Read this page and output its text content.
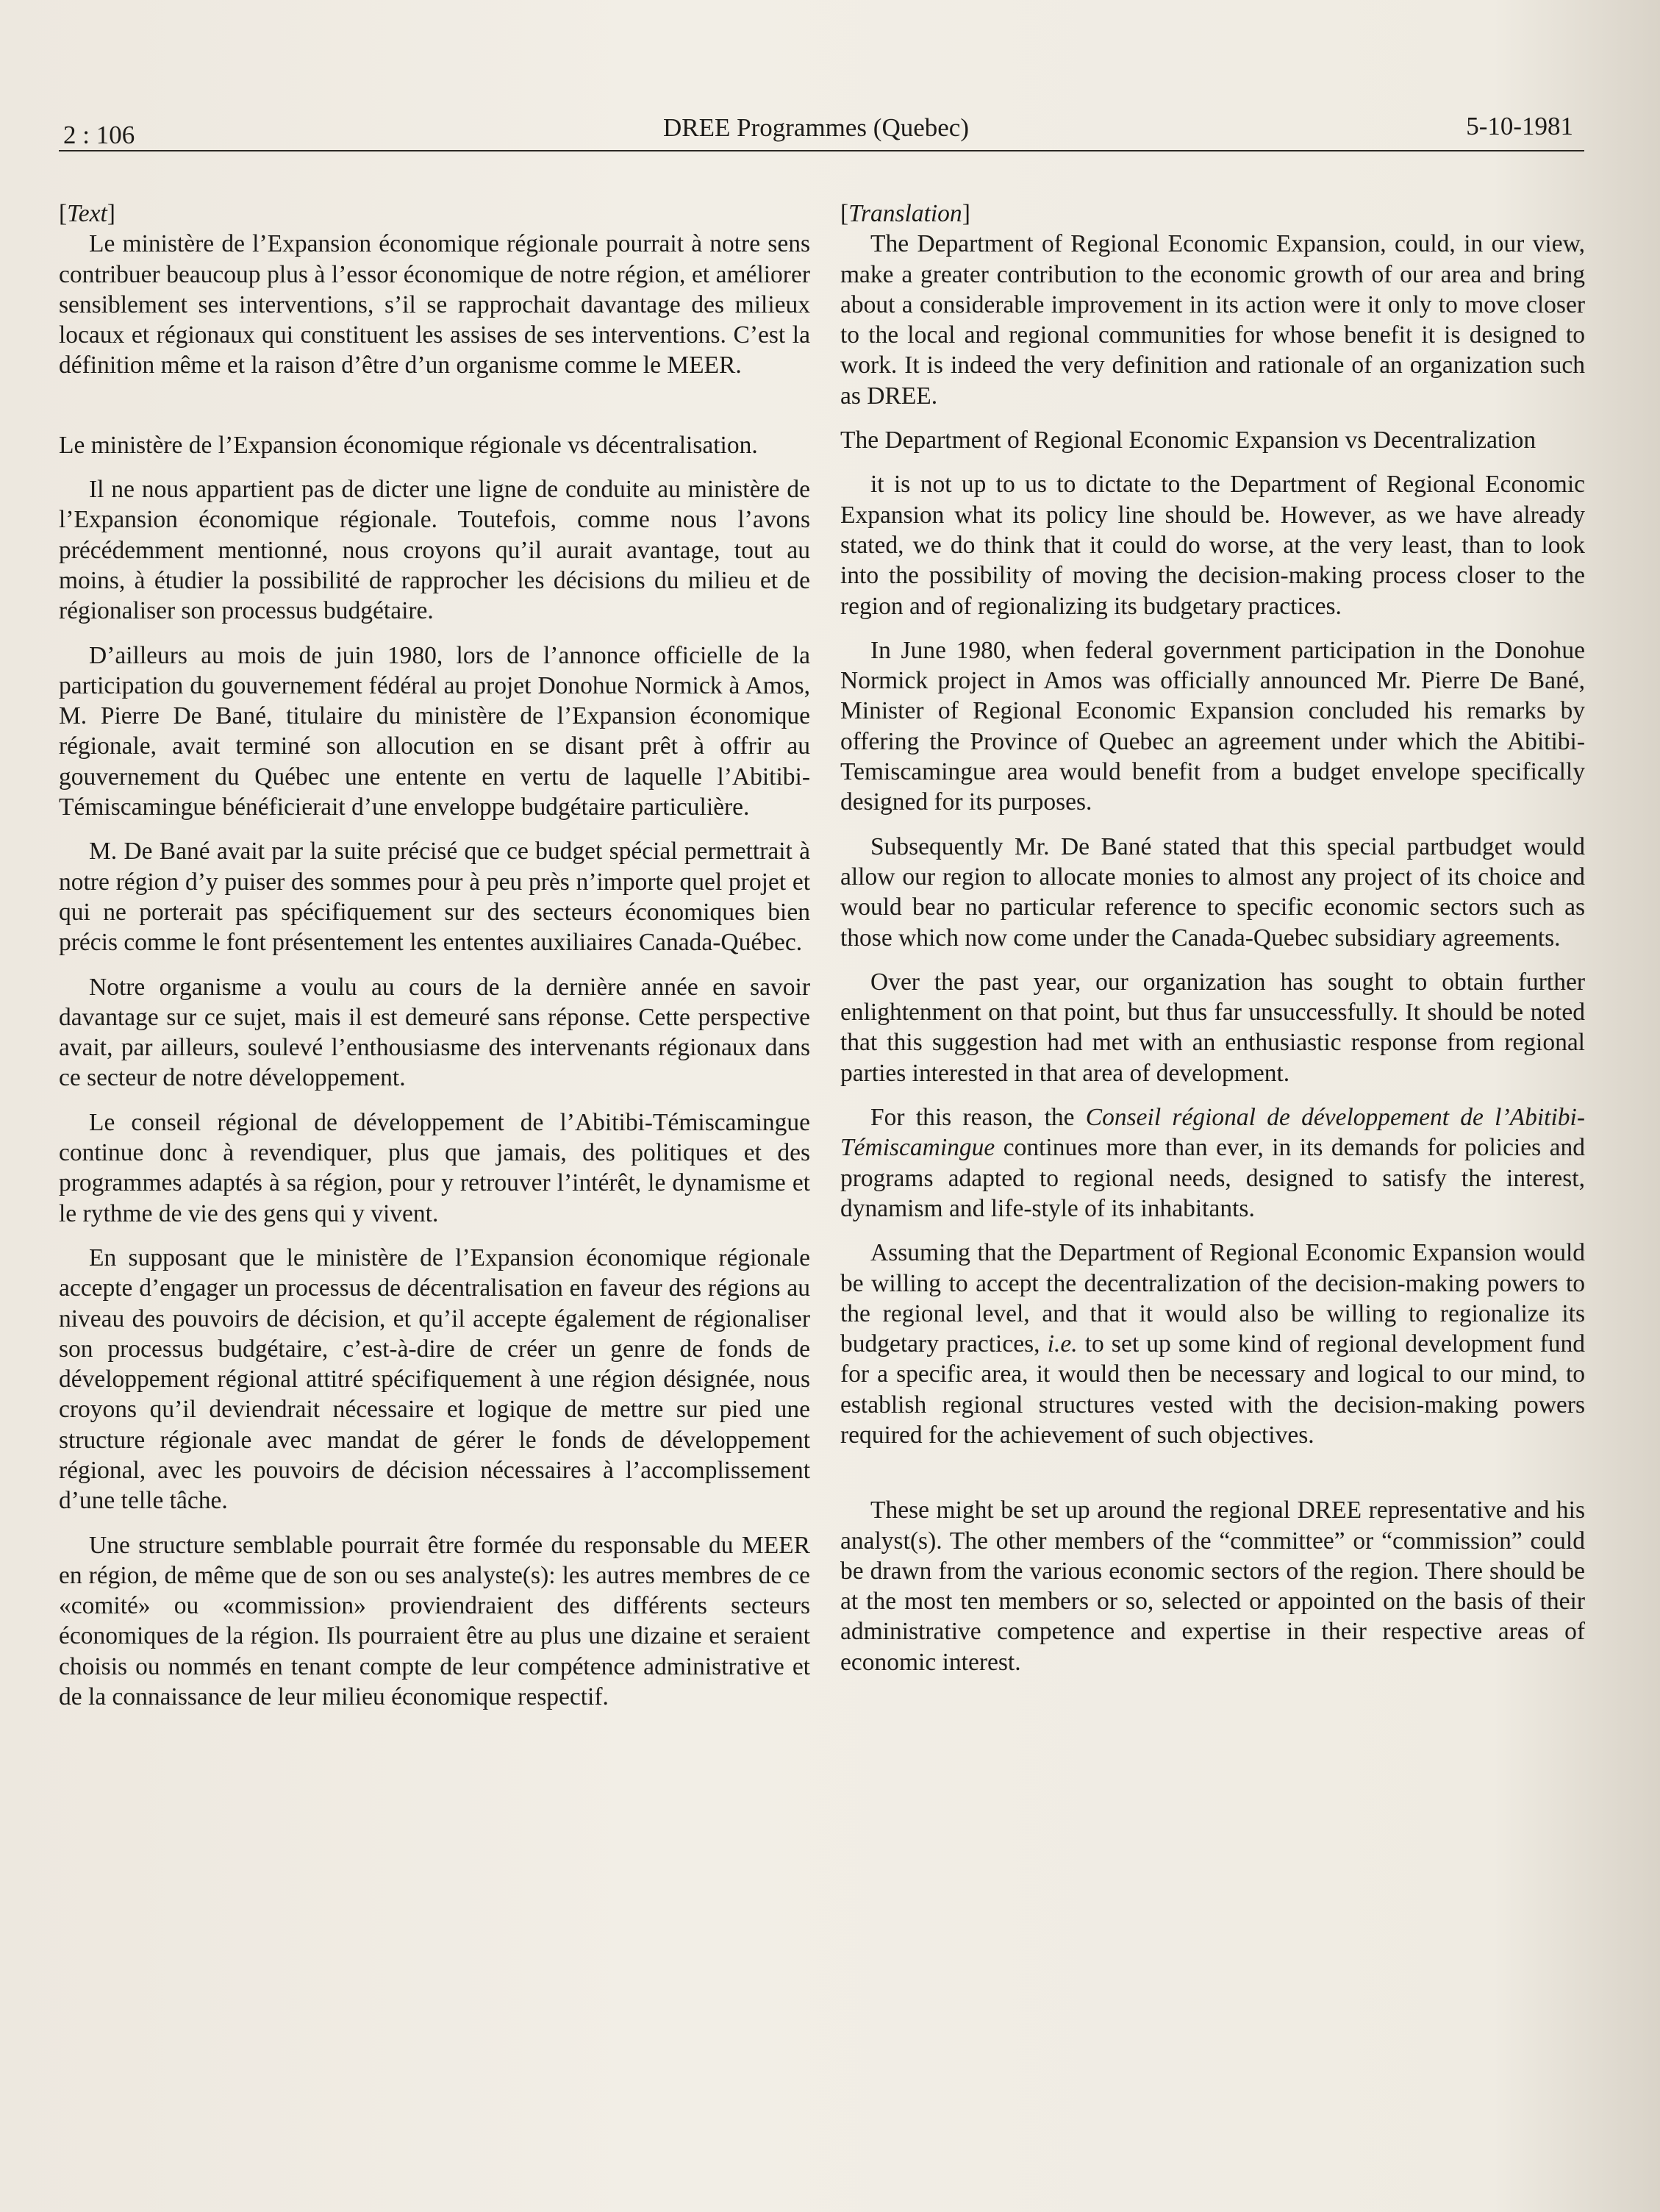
2 : 106	DREE Programmes (Quebec)	5-10-1981

[Text]

Le ministère de l’Expansion économique régionale pourrait à notre sens contribuer beaucoup plus à l’essor économique de notre région, et améliorer sensiblement ses interventions, s’il se rapprochait davantage des milieux locaux et régionaux qui constituent les assises de ses interventions. C’est la définition même et la raison d’être d’un organisme comme le MEER.

Le ministère de l’Expansion économique régionale vs décentralisation.

Il ne nous appartient pas de dicter une ligne de conduite au ministère de l’Expansion économique régionale. Toutefois, comme nous l’avons précédemment mentionné, nous croyons qu’il aurait avantage, tout au moins, à étudier la possibilité de rapprocher les décisions du milieu et de régionaliser son processus budgétaire.

D’ailleurs au mois de juin 1980, lors de l’annonce officielle de la participation du gouvernement fédéral au projet Donohue Normick à Amos, M. Pierre De Bané, titulaire du ministère de l’Expansion économique régionale, avait terminé son allocution en se disant prêt à offrir au gouvernement du Québec une entente en vertu de laquelle l’Abitibi-Témiscamingue bénéficierait d’une enveloppe budgétaire particulière.

M. De Bané avait par la suite précisé que ce budget spécial permettrait à notre région d’y puiser des sommes pour à peu près n’importe quel projet et qui ne porterait pas spécifiquement sur des secteurs économiques bien précis comme le font présentement les ententes auxiliaires Canada-Québec.

Notre organisme a voulu au cours de la dernière année en savoir davantage sur ce sujet, mais il est demeuré sans réponse. Cette perspective avait, par ailleurs, soulevé l’enthousiasme des intervenants régionaux dans ce secteur de notre développement.

Le conseil régional de développement de l’Abitibi-Témiscamingue continue donc à revendiquer, plus que jamais, des politiques et des programmes adaptés à sa région, pour y retrouver l’intérêt, le dynamisme et le rythme de vie des gens qui y vivent.

En supposant que le ministère de l’Expansion économique régionale accepte d’engager un processus de décentralisation en faveur des régions au niveau des pouvoirs de décision, et qu’il accepte également de régionaliser son processus budgétaire, c’est-à-dire de créer un genre de fonds de développement régional attitré spécifiquement à une région désignée, nous croyons qu’il deviendrait nécessaire et logique de mettre sur pied une structure régionale avec mandat de gérer le fonds de développement régional, avec les pouvoirs de décision nécessaires à l’accomplissement d’une telle tâche.

Une structure semblable pourrait être formée du responsable du MEER en région, de même que de son ou ses analyste(s): les autres membres de ce «comité» ou «commission» proviendraient des différents secteurs économiques de la région. Ils pourraient être au plus une dizaine et seraient choisis ou nommés en tenant compte de leur compétence administrative et de la connaissance de leur milieu économique respectif.

[Translation]

The Department of Regional Economic Expansion, could, in our view, make a greater contribution to the economic growth of our area and bring about a considerable improvement in its action were it only to move closer to the local and regional communities for whose benefit it is designed to work. It is indeed the very definition and rationale of an organization such as DREE.

The Department of Regional Economic Expansion vs Decentralization

it is not up to us to dictate to the Department of Regional Economic Expansion what its policy line should be. However, as we have already stated, we do think that it could do worse, at the very least, than to look into the possibility of moving the decision-making process closer to the region and of regionalizing its budgetary practices.

In June 1980, when federal government participation in the Donohue Normick project in Amos was officially announced Mr. Pierre De Bané, Minister of Regional Economic Expansion concluded his remarks by offering the Province of Quebec an agreement under which the Abitibi-Temiscamingue area would benefit from a budget envelope specifically designed for its purposes.

Subsequently Mr. De Bané stated that this special partbudget would allow our region to allocate monies to almost any project of its choice and would bear no particular reference to specific economic sectors such as those which now come under the Canada-Quebec subsidiary agreements.

Over the past year, our organization has sought to obtain further enlightenment on that point, but thus far unsuccessfully. It should be noted that this suggestion had met with an enthusiastic response from regional parties interested in that area of development.

For this reason, the Conseil régional de développement de l’Abitibi-Témiscamingue continues more than ever, in its demands for policies and programs adapted to regional needs, designed to satisfy the interest, dynamism and life-style of its inhabitants.

Assuming that the Department of Regional Economic Expansion would be willing to accept the decentralization of the decision-making powers to the regional level, and that it would also be willing to regionalize its budgetary practices, i.e. to set up some kind of regional development fund for a specific area, it would then be necessary and logical to our mind, to establish regional structures vested with the decision-making powers required for the achievement of such objectives.

These might be set up around the regional DREE representative and his analyst(s). The other members of the “committee” or “commission” could be drawn from the various economic sectors of the region. There should be at the most ten members or so, selected or appointed on the basis of their administrative competence and expertise in their respective areas of economic interest.
